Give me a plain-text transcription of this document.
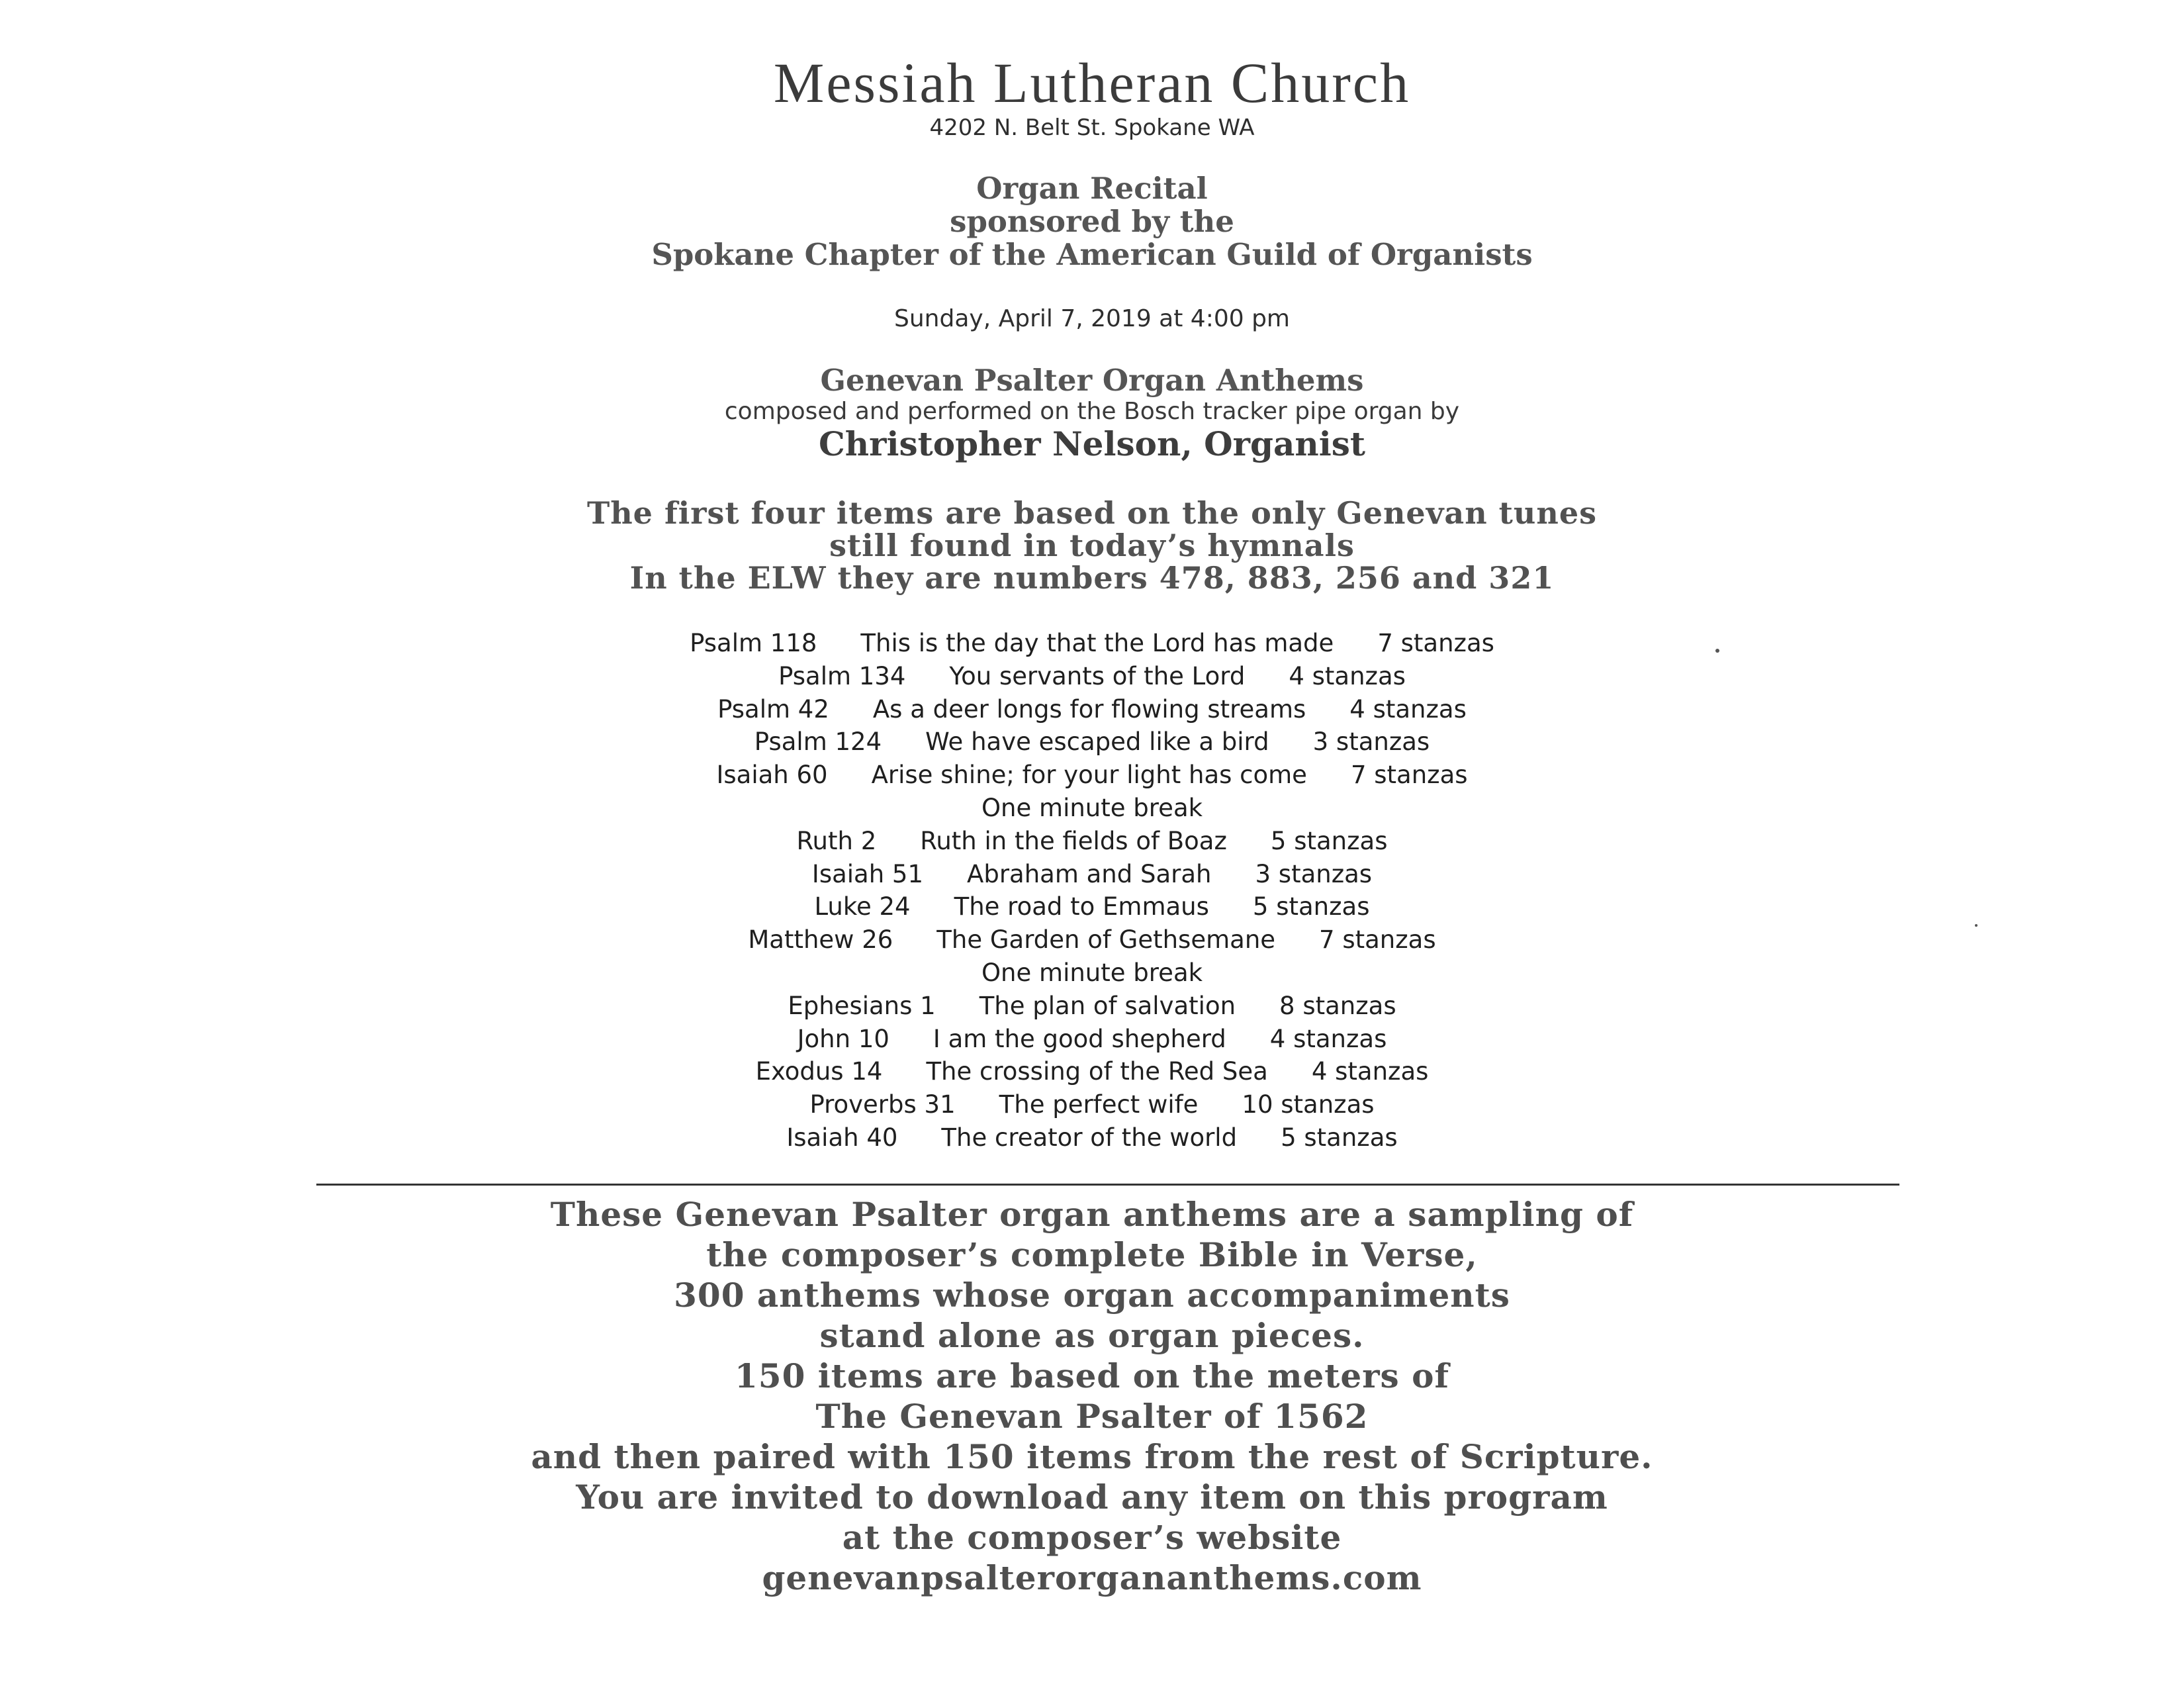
Messiah Lutheran Church
4202 N. Belt St. Spokane WA
Organ Recital
sponsored by the
Spokane Chapter of the American Guild of Organists
Sunday, April 7, 2019 at 4:00 pm
Genevan Psalter Organ Anthems
composed and performed on the Bosch tracker pipe organ by
Christopher Nelson, Organist
The first four items are based on the only Genevan tunes
still found in today’s hymnals
In the ELW they are numbers 478, 883, 256 and 321
Psalm 118 This is the day that the Lord has made 7 stanzas
Psalm 134 You servants of the Lord 4 stanzas
Psalm 42 As a deer longs for flowing streams 4 stanzas
Psalm 124 We have escaped like a bird 3 stanzas
Isaiah 60 Arise shine; for your light has come 7 stanzas
One minute break
Ruth 2 Ruth in the fields of Boaz 5 stanzas
Isaiah 51 Abraham and Sarah 3 stanzas
Luke 24 The road to Emmaus 5 stanzas
Matthew 26 The Garden of Gethsemane 7 stanzas
One minute break
Ephesians 1 The plan of salvation 8 stanzas
John 10 I am the good shepherd 4 stanzas
Exodus 14 The crossing of the Red Sea 4 stanzas
Proverbs 31 The perfect wife 10 stanzas
Isaiah 40 The creator of the world 5 stanzas
These Genevan Psalter organ anthems are a sampling of
the composer’s complete Bible in Verse,
300 anthems whose organ accompaniments
stand alone as organ pieces.
150 items are based on the meters of
The Genevan Psalter of 1562
and then paired with 150 items from the rest of Scripture.
You are invited to download any item on this program
at the composer’s website
genevanpsalterorgananthems.com
